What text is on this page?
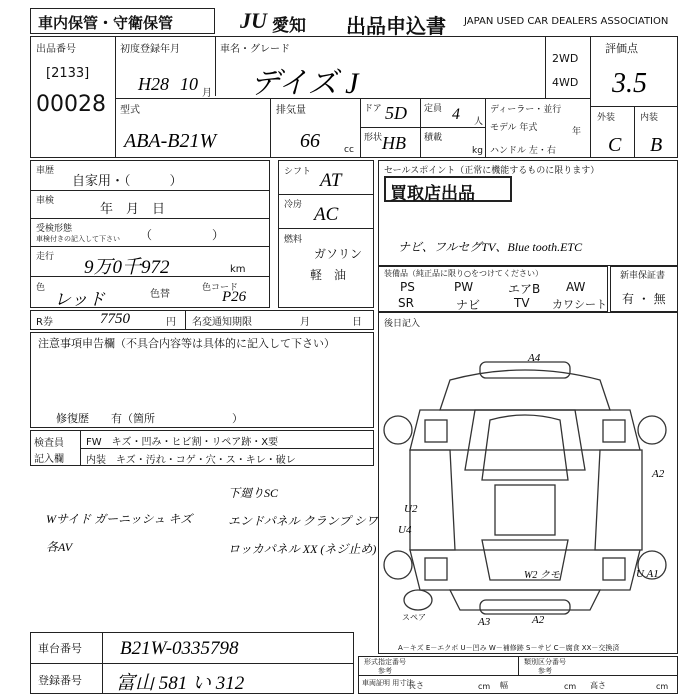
車内保管・守衛保管	JU 愛知 出品申込書 JAPAN USED CAR DEALERS ASSOCIATION
出品番号
[2133]
00028
初度登録年月
H28 10 月
車名・グレード
デイズ J
2WD
4WD
評価点
3.5
外装	内装
C B
型式
ABA-B21W
排気量
66	cc
ドア 5D
形状 HB
定員 4 人
積載
kg
ディーラー・並行
モデル 年式	年
ハンドル 左・右
車歴
自家用・（　　　）
車検
年　月　日
受検形態
車検付きの記入して下さい （　　　　　）
走行 9万0千972	km
色
レッド	色替
色コード
P26
シフト AT
冷房 AC
燃料
ガソリン
軽　油
セールスポイント（正常に機能するものに限ります）
買取店出品
ナビ、フルセグTV、Blue tooth.ETC
装備品（純正品に限り○をつけてください）
PS	PW	エアB AW
SR	ナビ	TV カワシート
新車保証書
有 ・ 無
R券	7750	円 名変通知期限	月	日
注意事項申告欄（不具合内容等は具体的に記入して下さい）
修復歴　　有（箇所　　　　　　　）
検査員
記入欄
FW　キズ・凹み・ヒビ割・リペア跡・X要
内装　キズ・汚れ・コゲ・穴・ス・キレ・破レ
Wサイド ガーニッシュ キズ
各AV
下廻りSC
エンドパネル クランプ シワ
ロッカパネル XX (ネジ止め)
車台番号 B21W-0335798
登録番号 富山 581 い 312
後日記入
A4
A2
U2
U4
W2 クモ
A3	A2
U A1
スペア
A－キズ E－エクボ U－凹み W－補修跡 S－サビ C－腐食 XX－交換済
形式指定番号
参考
類別区分番号
参考
車両証明 用寸法
長さ	cm 幅	cm 高さ	cm
